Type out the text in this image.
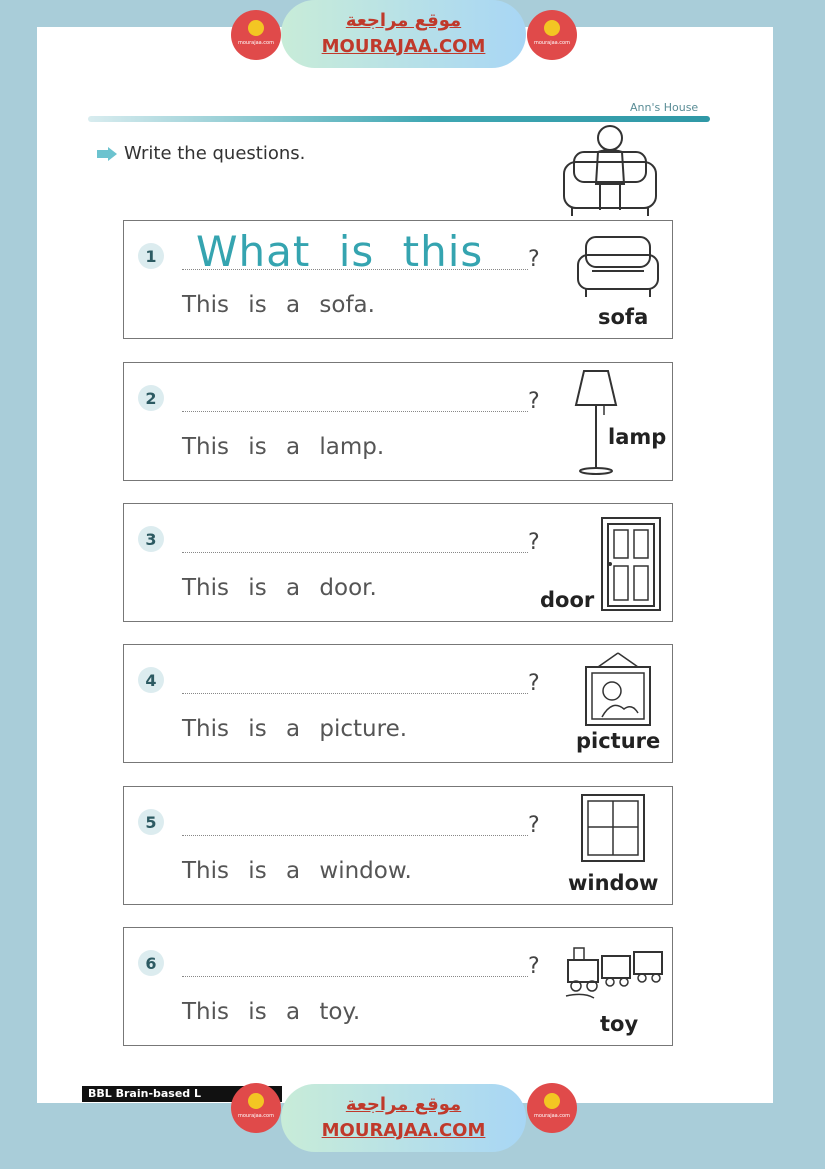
Ann's House
Write the questions.
1 What is this ?
This is a sofa.	sofa
2	?
This is a lamp.	lamp
3	?
This is a door.	door
4	?
This is a picture.	picture
5	?
This is a window.	window
6	?
This is a toy.	toy
BBL Brain-based L
mourajaa.com
موقع مراجعة
MOURAJAA.COM	mourajaa.com
mourajaa.com
موقع مراجعة
MOURAJAA.COM
mourajaa.com
